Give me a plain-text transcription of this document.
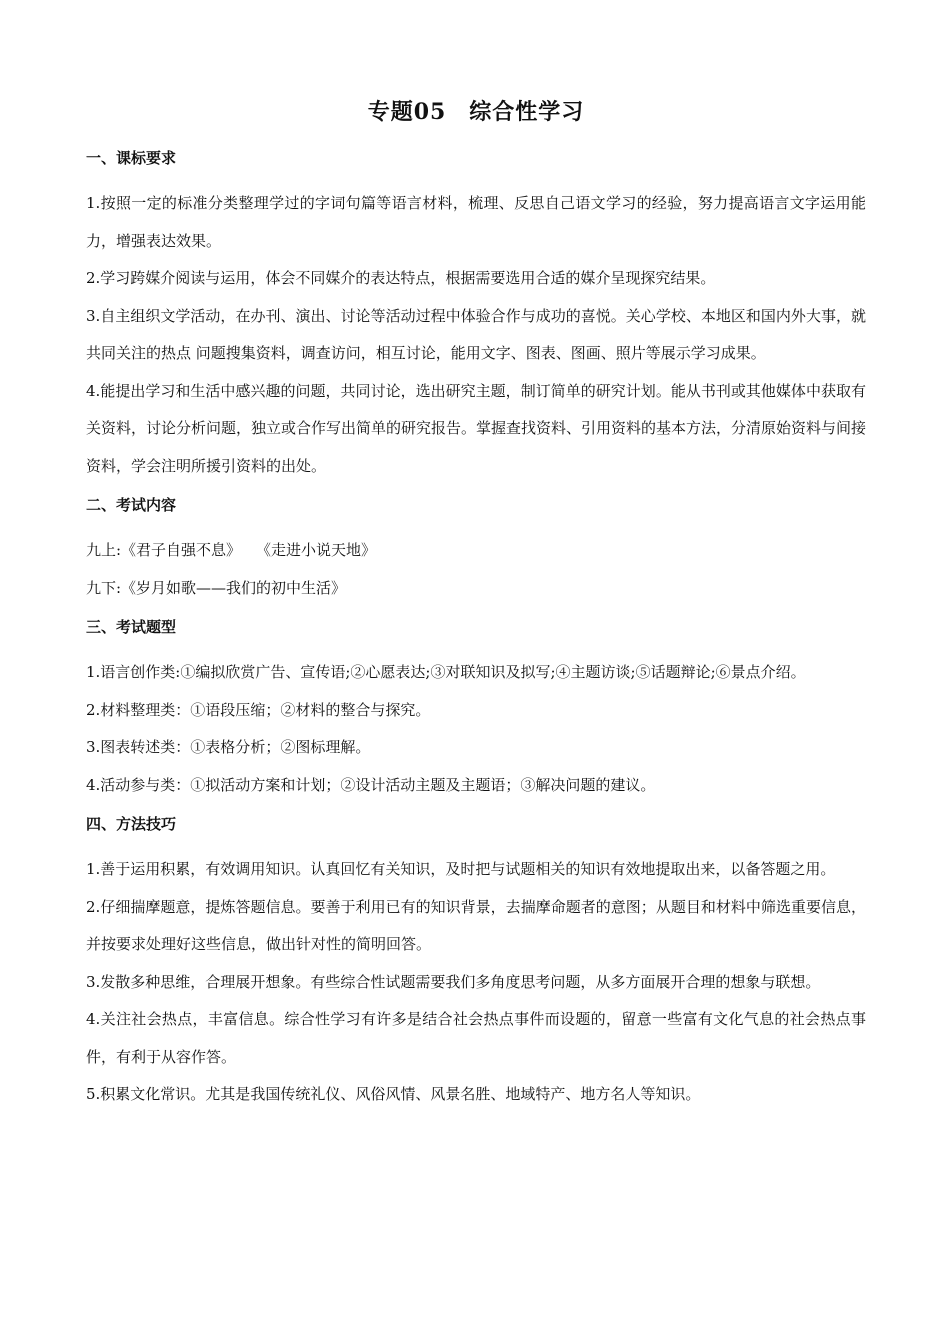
专题05　综合性学习
一、课标要求

1.按照一定的标准分类整理学过的字词句篇等语言材料，梳理、反思自己语文学习的经验，努力提高语言文字运用能力，增强表达效果。

2.学习跨媒介阅读与运用，体会不同媒介的表达特点，根据需要选用合适的媒介呈现探究结果。

3.自主组织文学活动，在办刊、演出、讨论等活动过程中体验合作与成功的喜悦。关心学校、本地区和国内外大事，就共同关注的热点 问题搜集资料，调查访问，相互讨论，能用文字、图表、图画、照片等展示学习成果。

4.能提出学习和生活中感兴趣的问题，共同讨论，选出研究主题，制订简单的研究计划。能从书刊或其他媒体中获取有关资料，讨论分析问题，独立或合作写出简单的研究报告。掌握查找资料、引用资料的基本方法，分清原始资料与间接资料，学会注明所援引资料的出处。

二、考试内容

九上:《君子自强不息》　　《走进小说天地》

九下:《岁月如歌——我们的初中生活》

三、考试题型

1.语言创作类:①编拟欣赏广告、宣传语;②心愿表达;③对联知识及拟写;④主题访谈;⑤话题辩论;⑥景点介绍。

2.材料整理类：①语段压缩；②材料的整合与探究。

3.图表转述类：①表格分析；②图标理解。

4.活动参与类：①拟活动方案和计划；②设计活动主题及主题语；③解决问题的建议。

四、方法技巧

1.善于运用积累，有效调用知识。认真回忆有关知识，及时把与试题相关的知识有效地提取出来，以备答题之用。

2.仔细揣摩题意，提炼答题信息。要善于利用已有的知识背景，去揣摩命题者的意图；从题目和材料中筛选重要信息，并按要求处理好这些信息，做出针对性的简明回答。

3.发散多种思维，合理展开想象。有些综合性试题需要我们多角度思考问题，从多方面展开合理的想象与联想。

4.关注社会热点，丰富信息。综合性学习有许多是结合社会热点事件而设题的，留意一些富有文化气息的社会热点事件，有利于从容作答。

5.积累文化常识。尤其是我国传统礼仪、风俗风情、风景名胜、地域特产、地方名人等知识。
